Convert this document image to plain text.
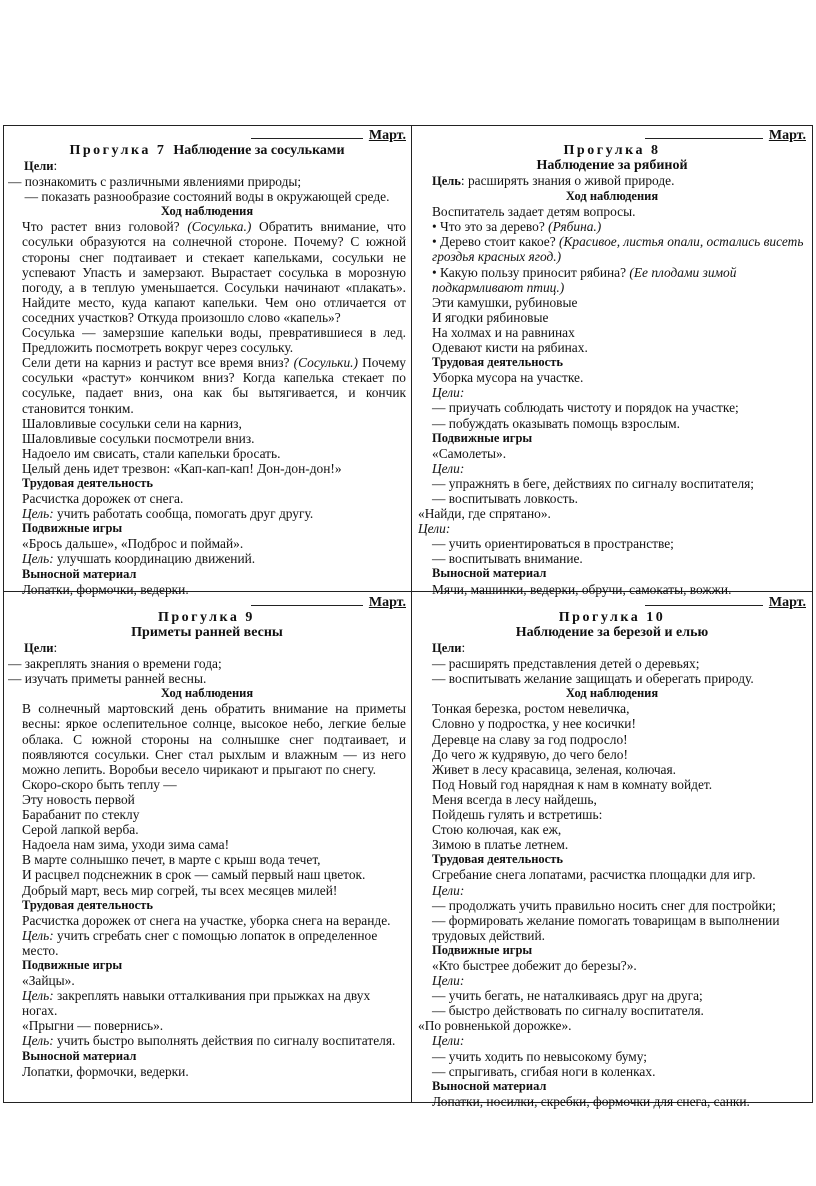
Март.
Прогулка 7 Наблюдение за сосульками

Цели:

— познакомить с различными явлениями природы;

— показать разнообразие состояний воды в окружающей среде.

Ход наблюдения

Что растет вниз головой? (Сосулька.) Обратить внимание, что сосульки образуются на солнечной стороне. Почему? С южной стороны снег подтаивает и стекает капельками, сосульки не успевают Упасть и замерзают. Вырастает сосулька в морозную погоду, а в теплую уменьшается. Сосульки начинают «плакать». Найдите место, куда капают капельки. Чем оно отличается от соседних участков? Откуда произошло слово «капель»?

Сосулька — замерзшие капельки воды, превратившиеся в лед. Предложить посмотреть вокруг через сосульку.

Сели дети на карниз и растут все время вниз? (Сосульки.) Почему сосульки «растут» кончиком вниз? Когда капелька стекает по сосульке, падает вниз, она как бы вытягивается, и кончик становится тонким.

Шаловливые сосульки сели на карниз,

Шаловливые сосульки посмотрели вниз.

Надоело им свисать, стали капельки бросать.

Целый день идет трезвон: «Кап-кап-кап! Дон-дон-дон!»

Трудовая деятельность

Расчистка дорожек от снега.

Цель: учить работать сообща, помогать друг другу.

Подвижные игры

«Брось дальше», «Подброс и поймай».

Цель: улучшать координацию движений.

Выносной материал

Лопатки, формочки, ведерки.

Март.
Прогулка 8
Наблюдение за рябиной

Цель: расширять знания о живой природе.

Ход наблюдения

Воспитатель задает детям вопросы.

• Что это за дерево? (Рябина.)

• Дерево стоит какое? (Красивое, листья опали, остались висеть гроздья красных ягод.)

• Какую пользу приносит рябина? (Ее плодами зимой подкармливают птиц.)

Эти камушки, рубиновые

И ягодки рябиновые

На холмах и на равнинах

Одевают кисти на рябинах.

Трудовая деятельность

Уборка мусора на участке.

Цели:

— приучать соблюдать чистоту и порядок на участке;

— побуждать оказывать помощь взрослым.

Подвижные игры

«Самолеты».

Цели:

— упражнять в беге, действиях по сигналу воспитателя;

— воспитывать ловкость.

«Найди, где спрятано».

Цели:

— учить ориентироваться в пространстве;

— воспитывать внимание.

Выносной материал

Мячи, машинки, ведерки, обручи, самокаты, вожжи.

Март.
Прогулка 9
Приметы ранней весны

Цели:

— закреплять знания о времени года;

— изучать приметы ранней весны.

Ход наблюдения

В солнечный мартовский день обратить внимание на приметы весны: яркое ослепительное солнце, высокое небо, легкие белые облака. С южной стороны на солнышке снег подтаивает, и появляются сосульки. Снег стал рыхлым и влажным — из него можно лепить. Воробьи весело чирикают и прыгают по снегу.

Скоро-скоро быть теплу —

Эту новость первой

Барабанит по стеклу

Серой лапкой верба.

Надоела нам зима, уходи зима сама!

В марте солнышко печет, в марте с крыш вода течет,

И расцвел подснежник в срок — самый первый наш цветок.

Добрый март, весь мир согрей, ты всех месяцев милей!

Трудовая деятельность

Расчистка дорожек от снега на участке, уборка снега на веранде.

Цель: учить сгребать снег с помощью лопаток в определенное место.

Подвижные игры

«Зайцы».

Цель: закреплять навыки отталкивания при прыжках на двух ногах.

«Прыгни — повернись».

Цель: учить быстро выполнять действия по сигналу воспитателя.

Выносной материал

Лопатки, формочки, ведерки.

Март.
Прогулка 10
Наблюдение за березой и елью

Цели:

— расширять представления детей о деревьях;

— воспитывать желание защищать и оберегать природу.

Ход наблюдения

Тонкая березка, ростом невеличка,

Словно у подростка, у нее косички!

Деревце на славу за год подросло!

До чего ж кудрявую, до чего бело!

Живет в лесу красавица, зеленая, колючая.

Под Новый год нарядная к нам в комнату войдет.

Меня всегда в лесу найдешь,

Пойдешь гулять и встретишь:

Стою колючая, как еж,

Зимою в платье летнем.

Трудовая деятельность

Сгребание снега лопатами, расчистка площадки для игр.

Цели:

— продолжать учить правильно носить снег для постройки;

— формировать желание помогать товарищам в выполнении трудовых действий.

Подвижные игры

«Кто быстрее добежит до березы?».

Цели:

— учить бегать, не наталкиваясь друг на друга;

— быстро действовать по сигналу воспитателя.

«По ровненькой дорожке».

Цели:

— учить ходить по невысокому буму;

— спрыгивать, сгибая ноги в коленках.

Выносной материал

Лопатки, носилки, скребки, формочки для снега, санки.
